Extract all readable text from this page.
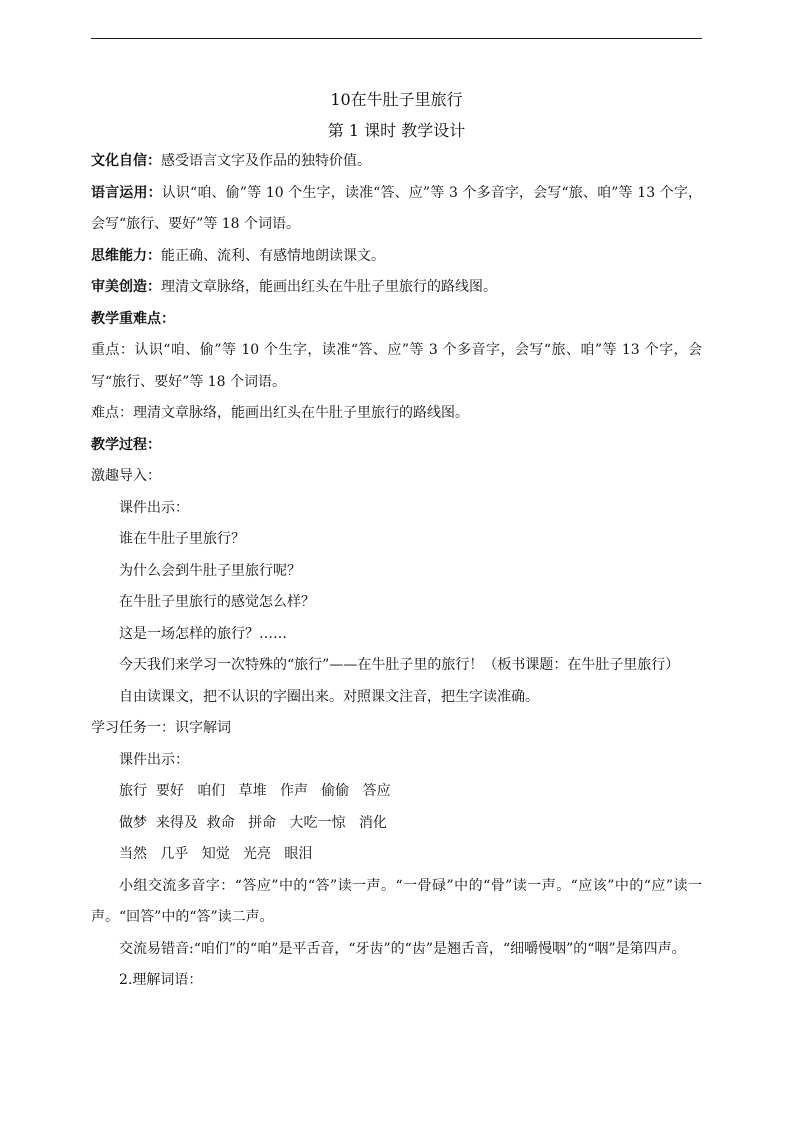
10在牛肚子里旅行

第 1 课时 教学设计

文化自信：感受语言文字及作品的独特价值。

语言运用：认识“咱、偷”等 10 个生字，读准“答、应”等 3 个多音字，会写“旅、咱”等 13 个字，会写“旅行、要好”等 18 个词语。

思维能力：能正确、流利、有感情地朗读课文。

审美创造：理清文章脉络，能画出红头在牛肚子里旅行的路线图。

教学重难点：

重点：认识“咱、偷”等 10 个生字，读准“答、应”等 3 个多音字，会写“旅、咱”等 13 个字，会写“旅行、要好”等 18 个词语。

难点：理清文章脉络，能画出红头在牛肚子里旅行的路线图。

教学过程：

激趣导入：

课件出示：

谁在牛肚子里旅行？

为什么会到牛肚子里旅行呢？

在牛肚子里旅行的感觉怎么样？

这是一场怎样的旅行？……

今天我们来学习一次特殊的“旅行”——在牛肚子里的旅行！（板书课题：在牛肚子里旅行）

自由读课文，把不认识的字圈出来。对照课文注音，把生字读准确。

学习任务一：识字解词

课件出示：

旅行  要好   咱们   草堆   作声   偷偷   答应

做梦  来得及  救命   拼命   大吃一惊   消化

当然   几乎   知觉   光亮   眼泪

小组交流多音字：“答应”中的“答”读一声。“一骨碌”中的“骨”读一声。“应该”中的“应”读一声。“回答”中的“答”读二声。

交流易错音:“咱们”的“咱”是平舌音，“牙齿”的“齿”是翘舌音，“细嚼慢咽”的“咽”是第四声。

2.理解词语：
